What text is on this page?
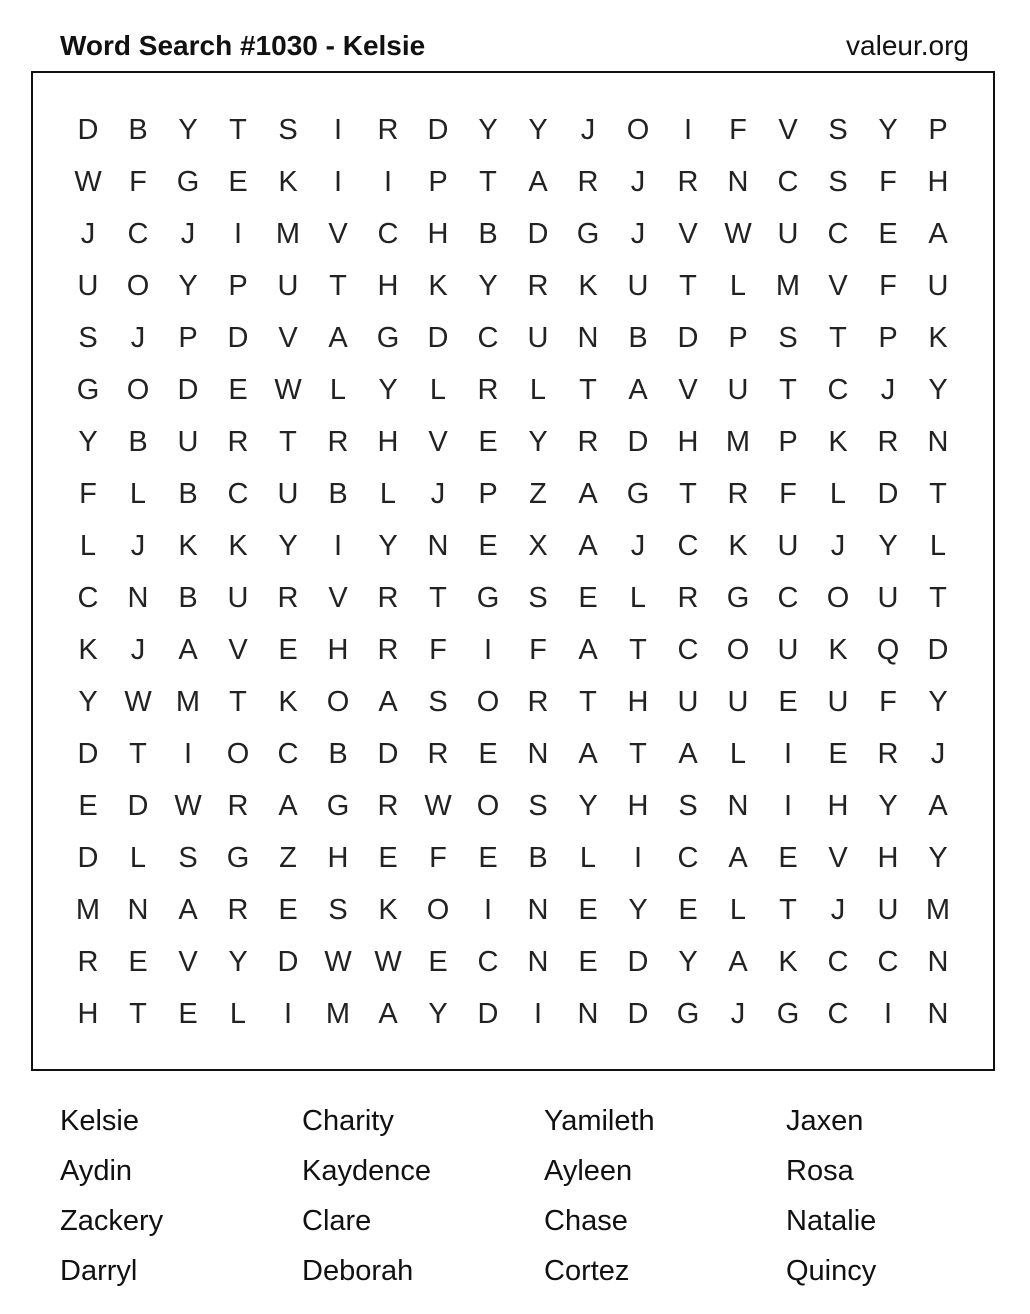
Word Search #1030 - Kelsie	valeur.org
D	B	Y	T	S	I	R	D	Y	Y	J	O	I	F	V	S	Y	P
W F	G	E	K	I	I	P	T	A	R	J	R	N	C	S	F	H
J	C	J	I	M V	C	H	B	D G	J	V W U	C	E	A
U O	Y	P	U	T	H	K	Y	R	K	U	T	L	M V	F	U
S	J	P	D	V	A	G D	C	U	N	B	D	P	S	T	P	K
G O D	E W L	Y	L	R	L	T	A	V	U	T	C	J	Y
Y	B	U	R	T	R	H	V	E	Y	R	D	H M P	K	R	N
F	L	B	C	U	B	L	J	P	Z	A	G	T	R	F	L	D	T
L	J	K	K	Y	I	Y	N	E	X	A	J	C	K	U	J	Y	L
C	N	B	U	R	V	R	T	G	S	E	L	R G C O U	T
K	J	A	V	E	H	R	F	I	F	A	T	C O U	K	Q D
Y W M	T	K	O	A	S	O R	T	H	U	U	E	U	F	Y
D	T	I	O C	B	D	R	E	N	A	T	A	L	I	E	R	J
E	D W R	A	G R W O	S	Y	H	S	N	I	H	Y	A
D	L	S	G	Z	H	E	F	E	B	L	I	C	A	E	V	H	Y
M N	A	R	E	S	K	O	I	N	E	Y	E	L	T	J	U M
R	E	V	Y	D W W E	C	N	E	D	Y	A	K	C	C	N
H	T	E	L	I	M A	Y	D	I	N	D G	J	G C	I	N
Kelsie	Charity	Yamileth	Jaxen
Aydin	Kaydence	Ayleen	Rosa
Zackery	Clare	Chase	Natalie
Darryl	Deborah	Cortez	Quincy
